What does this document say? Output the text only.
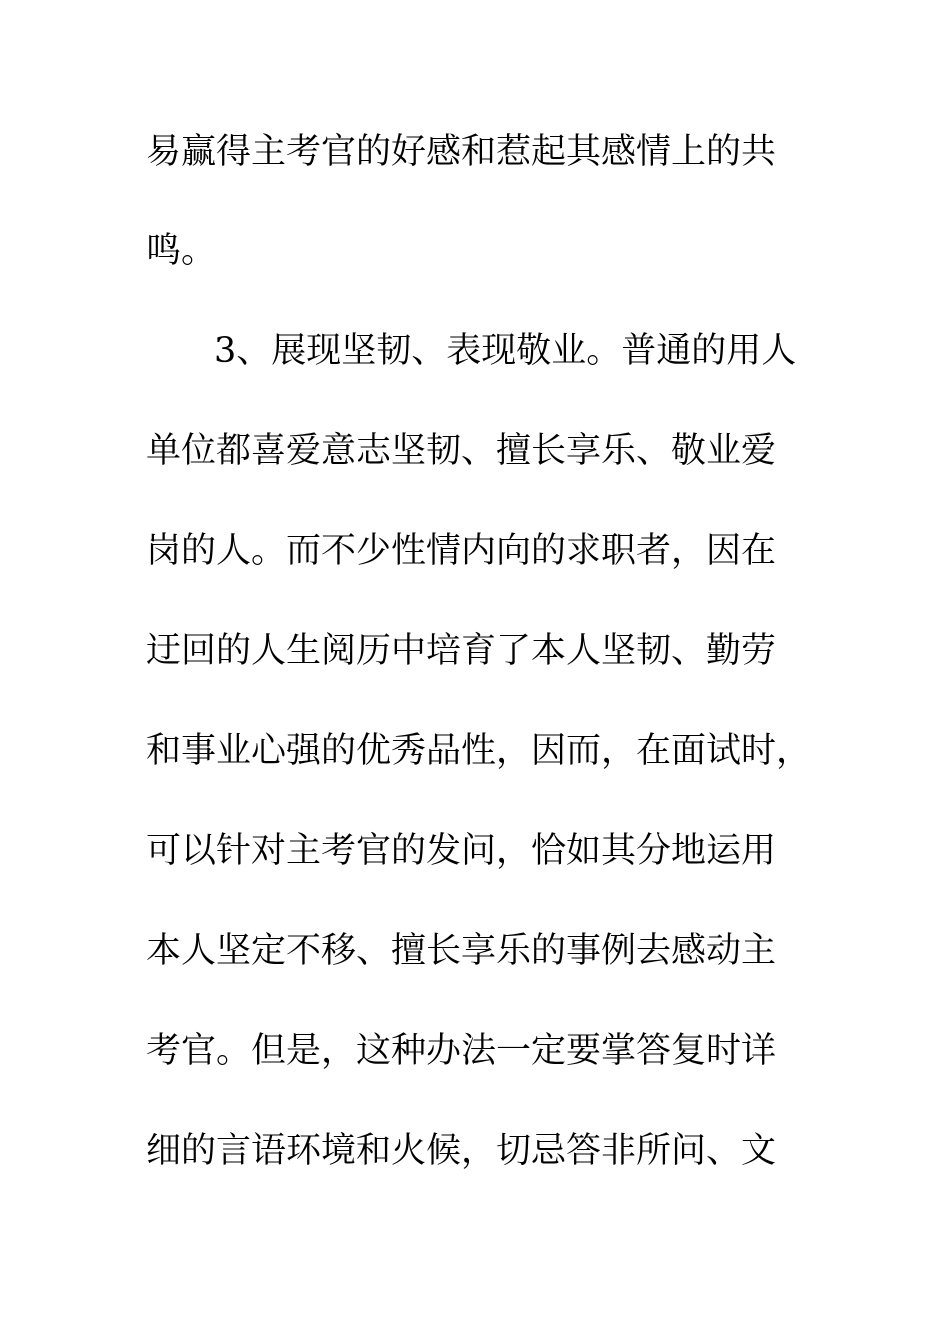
易赢得主考官的好感和惹起其感情上的共
鸣。
3、展现坚韧、表现敬业。普通的用人
单位都喜爱意志坚韧、擅长享乐、敬业爱
岗的人。而不少性情内向的求职者，因在
迂回的人生阅历中培育了本人坚韧、勤劳
和事业心强的优秀品性，因而，在面试时，
可以针对主考官的发问，恰如其分地运用
本人坚定不移、擅长享乐的事例去感动主
考官。但是，这种办法一定要掌答复时详
细的言语环境和火候，切忌答非所问、文
